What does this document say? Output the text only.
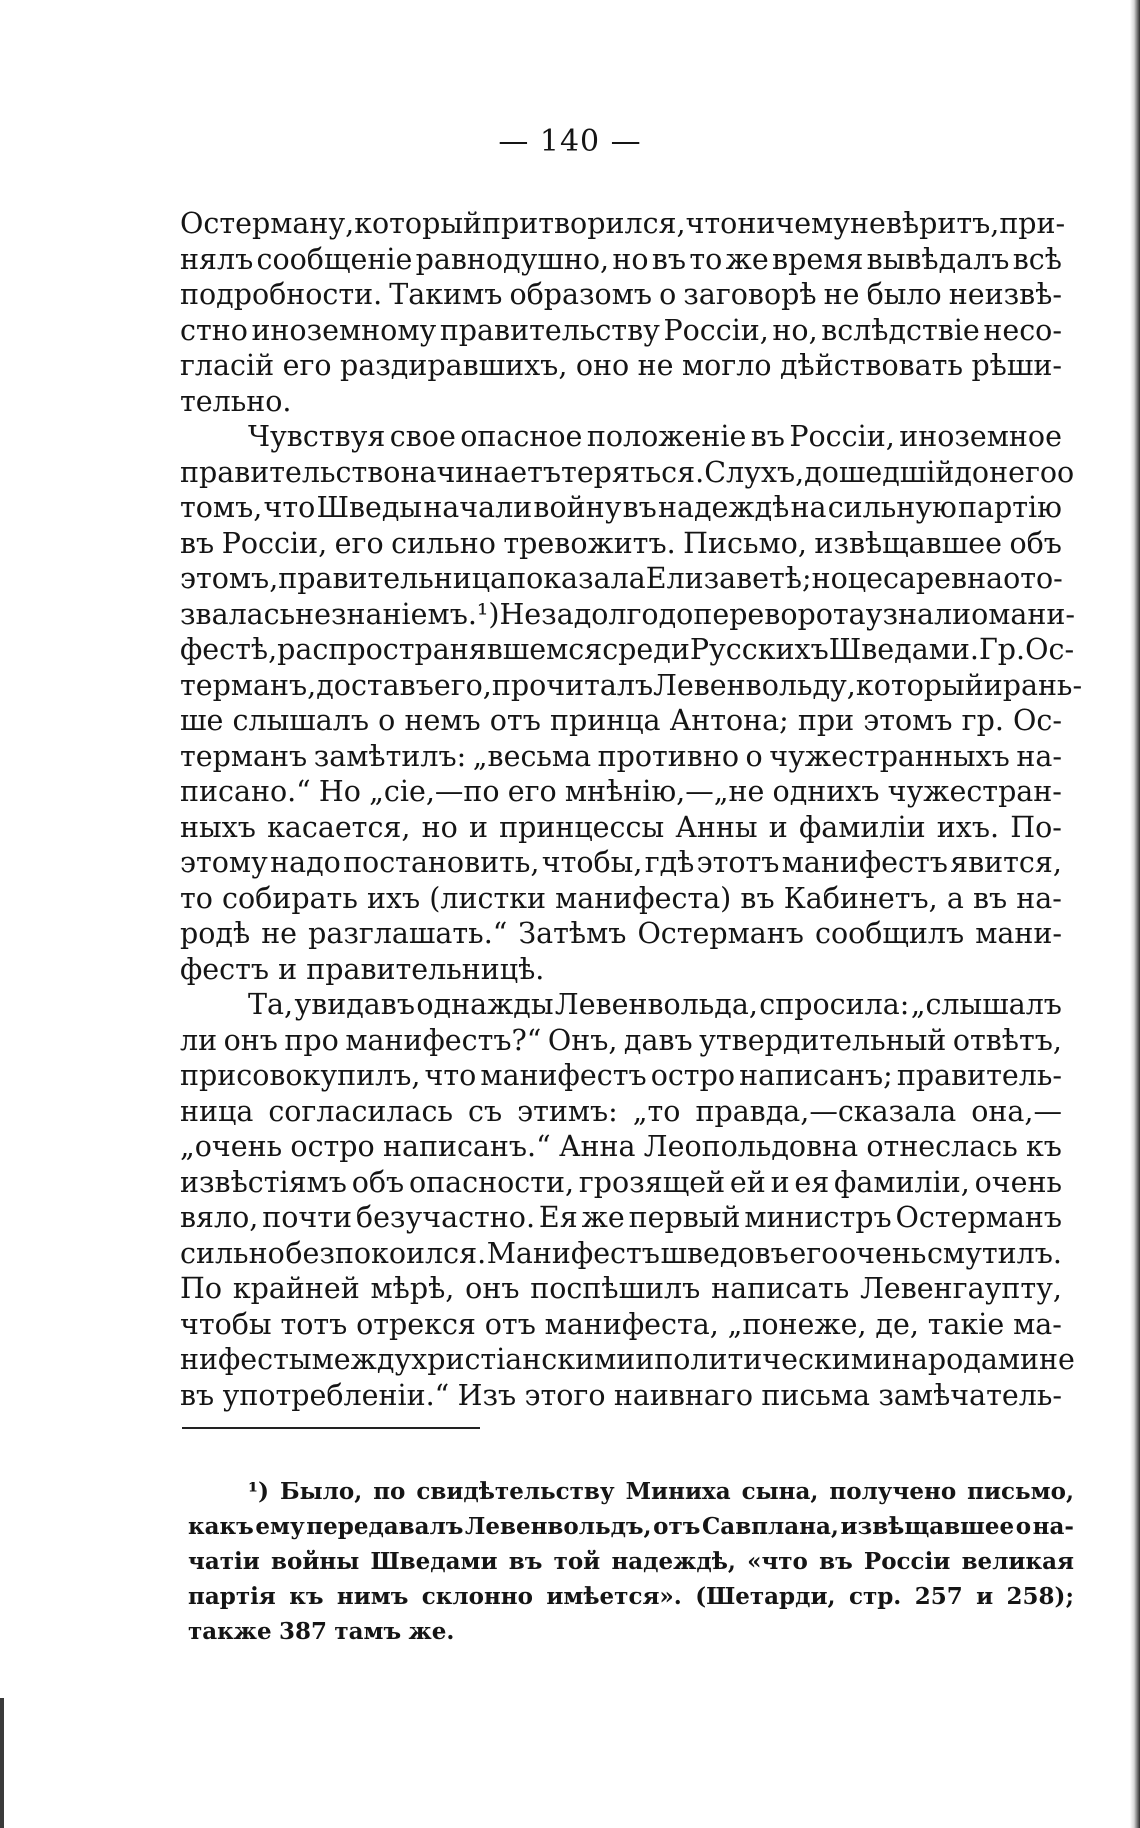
— 140 —
Остерману, который притворился, что ничему не вѣритъ, при-
нялъ сообщеніе равнодушно, но въ то же время вывѣдалъ всѣ
подробности. Такимъ образомъ о заговорѣ не было неизвѣ-
стно иноземному правительству Россіи, но, вслѣдствіе несо-
гласій его раздиравшихъ, оно не могло дѣйствовать рѣши-
тельно.
Чувствуя свое опасное положеніе въ Россіи, иноземное
правительство начинаетъ теряться. Слухъ, дошедшій до него о
томъ, что Шведы начали войну въ надеждѣ на сильную партію
въ Россіи, его сильно тревожитъ. Письмо, извѣщавшее объ
этомъ, правительница показала Елизаветѣ; но цесаревна ото-
звалась незнаніемъ. ¹) Незадолго до переворота узнали о мани-
фестѣ, распространявшемся среди Русскихъ Шведами. Гр. Ос-
терманъ, доставъ его, прочиталъ Левенвольду, который и рань-
ше слышалъ о немъ отъ принца Антона; при этомъ гр. Ос-
терманъ замѣтилъ: „весьма противно о чужестранныхъ на-
писано.“ Но „сіе,—по его мнѣнію,—„не однихъ чужестран-
ныхъ касается, но и принцессы Анны и фамиліи ихъ. По-
этому надо постановить, чтобы, гдѣ этотъ манифестъ явится,
то собирать ихъ (листки манифеста) въ Кабинетъ, а въ на-
родѣ не разглашать.“ Затѣмъ Остерманъ сообщилъ мани-
фестъ и правительницѣ.
Та, увидавъ однажды Левенвольда, спросила: „слышалъ
ли онъ про манифестъ?“ Онъ, давъ утвердительный отвѣтъ,
присовокупилъ, что манифестъ остро написанъ; правитель-
ница согласилась съ этимъ: „то правда,—сказала она,—
„очень остро написанъ.“ Анна Леопольдовна отнеслась къ
извѣстіямъ объ опасности, грозящей ей и ея фамиліи, очень
вяло, почти безучастно. Ея же первый министръ Остерманъ
сильно безпокоился. Манифестъ шведовъ его очень смутилъ.
По крайней мѣрѣ, онъ поспѣшилъ написать Левенгаупту,
чтобы тотъ отрекся отъ манифеста, „понеже, де, такіе ма-
нифесты между христіанскими и политическими народами не
въ употребленіи.“ Изъ этого наивнаго письма замѣчатель-
¹) Было, по свидѣтельству Миниха сына, получено письмо,
какъ ему передавалъ Левенвольдъ, отъ Савплана, извѣщавшее о на-
чатіи войны Шведами въ той надеждѣ, «что въ Россіи великая
партія къ нимъ склонно имѣется». (Шетарди, стр. 257 и 258);
также 387 тамъ же.
